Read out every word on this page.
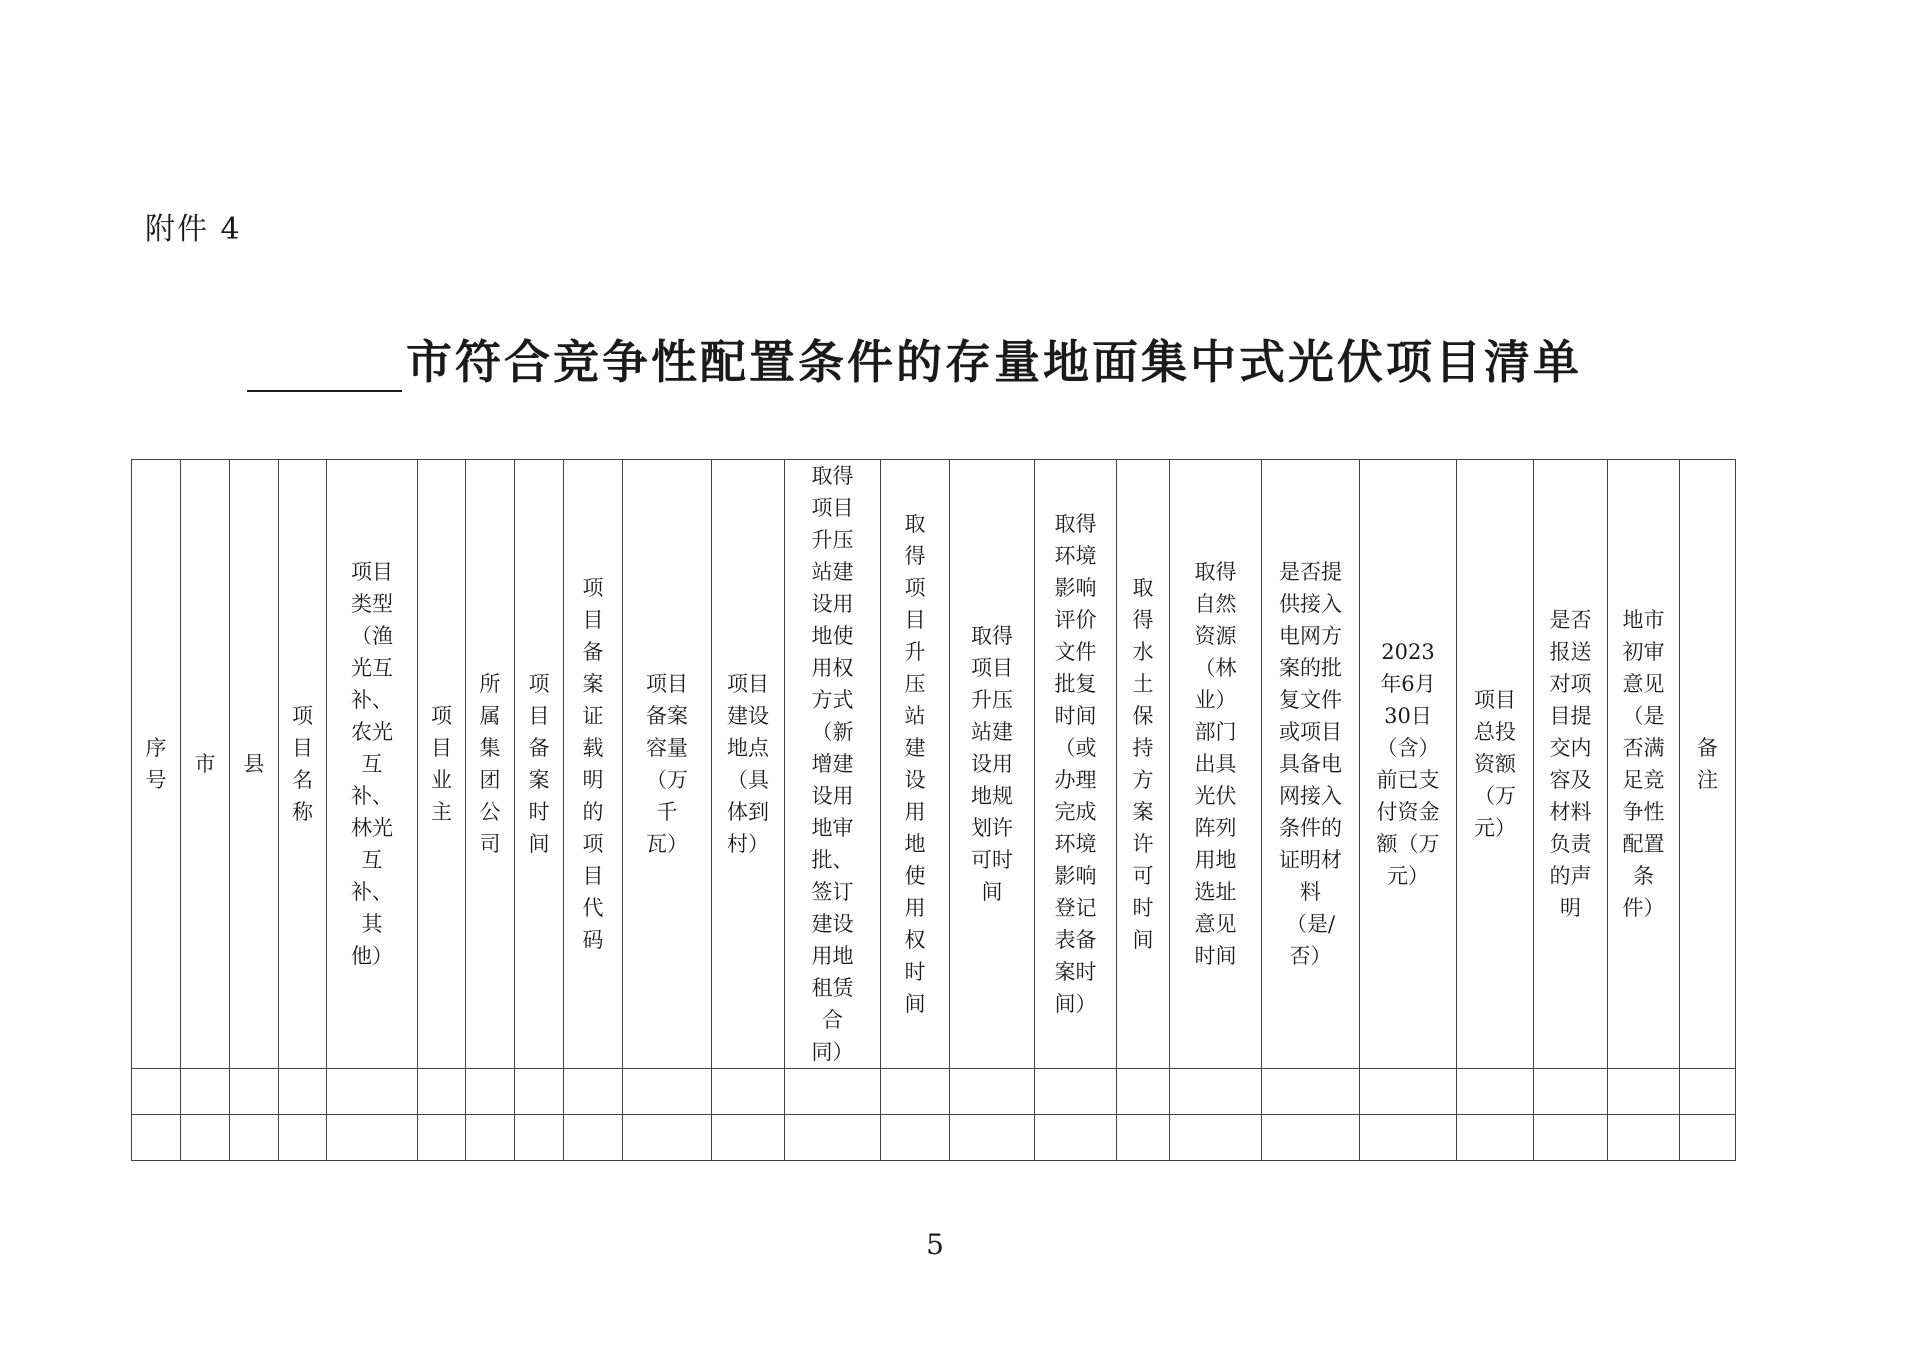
附件 4
市符合竞争性配置条件的存量地面集中式光伏项目清单
序号	市	县	项目名称	项目类型（渔光互补、农光互补、林光互补、其他）	项目业主	所属集团公司	项目备案时间	项目备案证载明的项目代码	项目备案容量（万千瓦）	项目建设地点（具体到村）	取得项目升压站建设用地使用权方式（新增建设用地审批、签订建设用地租赁合同）	取得项目升压站建设用地使用权时间	取得项目升压站建设用地规划许可时间	取得环境影响评价文件批复时间（或办理完成环境影响登记表备案时间）	取得水土保持方案许可时间	取得自然资源（林业）部门出具光伏阵列用地选址意见时间	是否提供接入电网方案的批复文件或项目具备电网接入条件的证明材料（是/否）	2023年6月30日（含）前已支付资金额（万元）	项目总投资额（万元）	是否报送对项目提交内容及材料负责的声明	地市初审意见（是否满足竞争性配置条件）	备注

5
